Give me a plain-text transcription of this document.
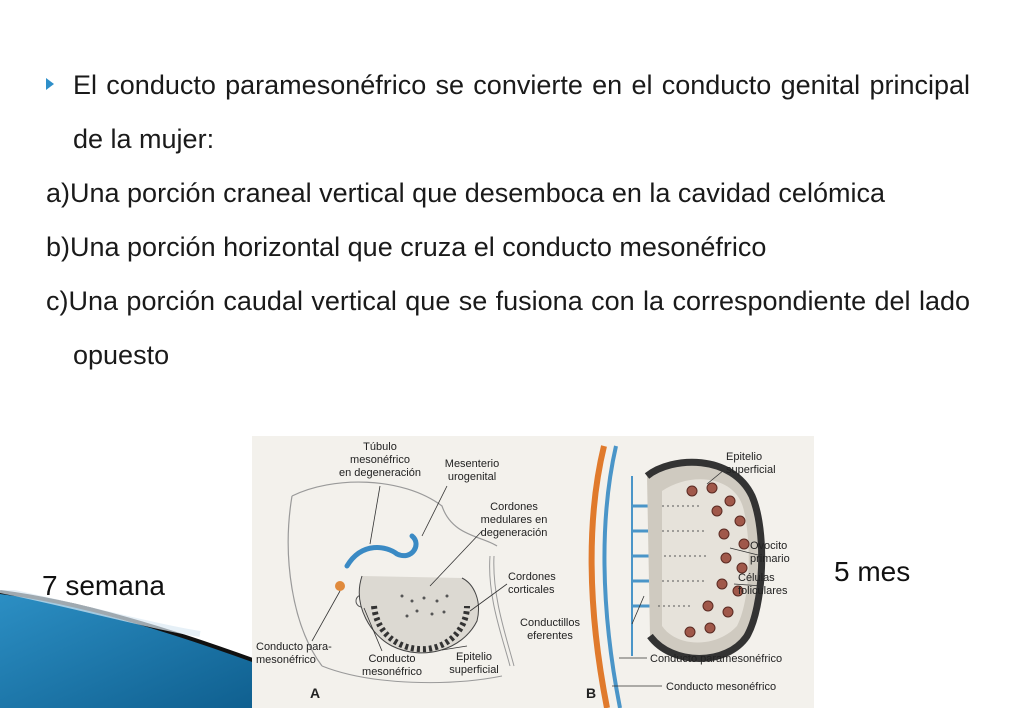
El conducto paramesonéfrico se convierte en el conducto genital principal de la mujer:

a)Una porción craneal vertical que desemboca en la cavidad celómica

b)Una porción horizontal que cruza el conducto mesonéfrico

c)Una porción caudal vertical que se fusiona con la correspondiente del lado opuesto

7 semana	5 mes
Túbulo mesonéfrico en degeneración
Mesenterio urogenital
Cordones medulares en degeneración
Cordones corticales
Conducto para-mesonéfrico	Conducto mesonéfrico
Epitelio superficial
A
Epitelio superficial
Ovocito primario
Células foliculares
Conductillos eferentes
Conducto paramesonéfrico
Conducto mesonéfrico
B
